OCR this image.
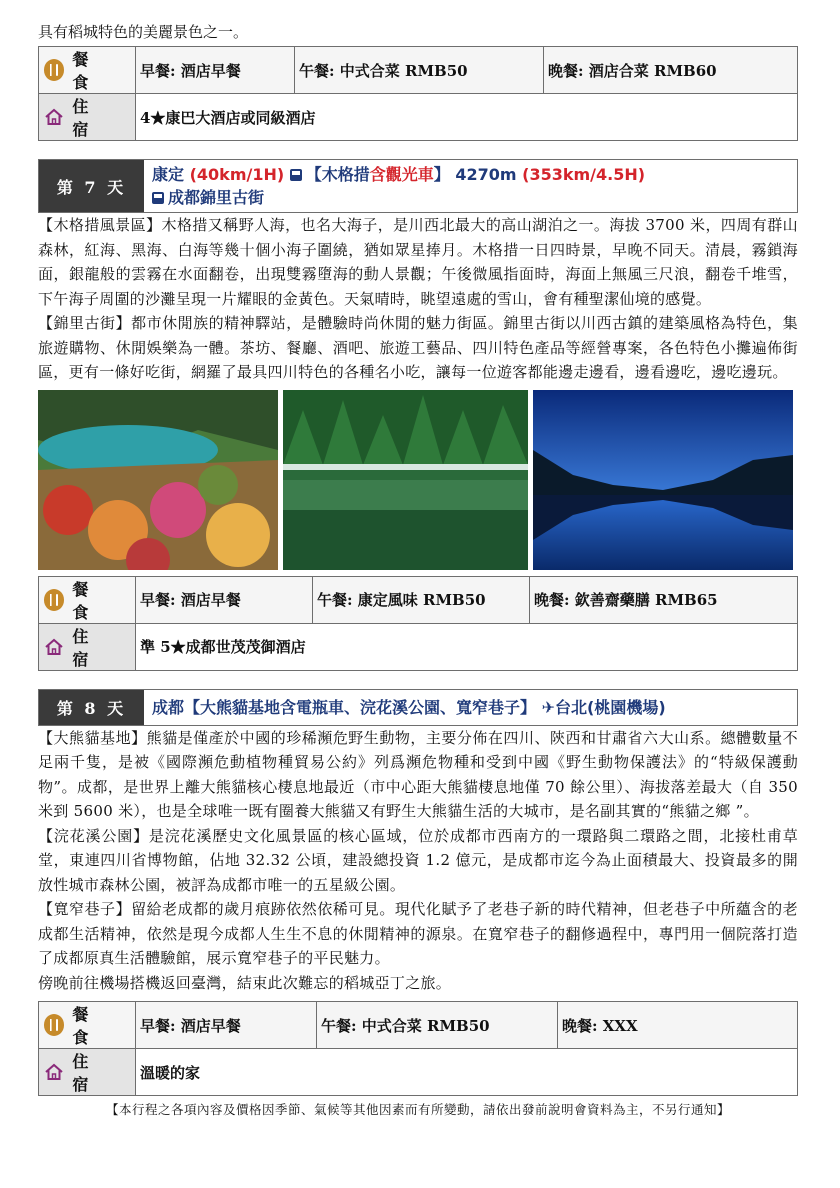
具有稻城特色的美麗景色之一。
餐 食	早餐: 酒店早餐	午餐: 中式合菜 RMB50	晚餐: 酒店合菜 RMB60

住 宿	4★康巴大酒店或同級酒店		
第 7 天
康定 (40km/1H) 【木格措含觀光車】 4270m (353km/4.5H)
成都錦里古街

【木格措風景區】木格措又稱野人海，也名大海子，是川西北最大的高山湖泊之一。海拔 3700 米，四周有群山森林，紅海、黑海、白海等幾十個小海子圍繞，猶如眾星捧月。木格措一日四時景，早晚不同天。清晨，霧鎖海面，銀龍般的雲霧在水面翻卷，出現雙霧墮海的動人景觀；午後微風指面時，海面上無風三尺浪，翻卷千堆雪，下午海子周圍的沙灘呈現一片耀眼的金黃色。天氣晴時，眺望遠處的雪山，會有種聖潔仙境的感覺。

【錦里古街】都市休閒族的精神驛站，是體驗時尚休閒的魅力街區。錦里古街以川西古鎮的建築風格為特色，集旅遊購物、休閒娛樂為一體。茶坊、餐廳、酒吧、旅遊工藝品、四川特色產品等經營專案，各色特色小攤遍佈街區，更有一條好吃街，網羅了最具四川特色的各種名小吃，讓每一位遊客都能邊走邊看，邊看邊吃，邊吃邊玩。

餐 食	早餐: 酒店早餐	午餐: 康定風味 RMB50	晚餐: 欽善齋藥膳 RMB65

住 宿	準 5★成都世茂茂御酒店		
第 8 天	成都【大熊貓基地含電瓶車、浣花溪公園、寬窄巷子】 ✈台北(桃園機場)

【大熊貓基地】熊貓是僅產於中國的珍稀瀕危野生動物，主要分佈在四川、陝西和甘肅省六大山系。總體數量不足兩千隻，是被《國際瀕危動植物種貿易公約》列爲瀕危物種和受到中國《野生動物保護法》的“特級保護動物”。成都，是世界上離大熊貓核心棲息地最近（市中心距大熊貓棲息地僅 70 餘公里）、海拔落差最大（自 350 米到 5600 米），也是全球唯一既有圈養大熊貓又有野生大熊貓生活的大城市，是名副其實的“熊貓之鄉 ”。

【浣花溪公園】是浣花溪歷史文化風景區的核心區域，位於成都市西南方的一環路與二環路之間，北接杜甫草堂，東連四川省博物館，佔地 32.32 公頃，建設總投資 1.2 億元，是成都市迄今為止面積最大、投資最多的開放性城市森林公園，被評為成都市唯一的五星級公園。

【寬窄巷子】留給老成都的歲月痕跡依然依稀可見。現代化賦予了老巷子新的時代精神，但老巷子中所蘊含的老成都生活精神，依然是現今成都人生生不息的休閒精神的源泉。在寬窄巷子的翻修過程中，專門用一個院落打造了成都原真生活體驗館，展示寬窄巷子的平民魅力。

傍晚前往機場搭機返回臺灣，結束此次難忘的稻城亞丁之旅。

餐 食	早餐: 酒店早餐	午餐: 中式合菜 RMB50	晚餐: XXX

住 宿	溫暖的家		
【本行程之各項內容及價格因季節、氣候等其他因素而有所變動，請依出發前說明會資料為主，不另行通知】
